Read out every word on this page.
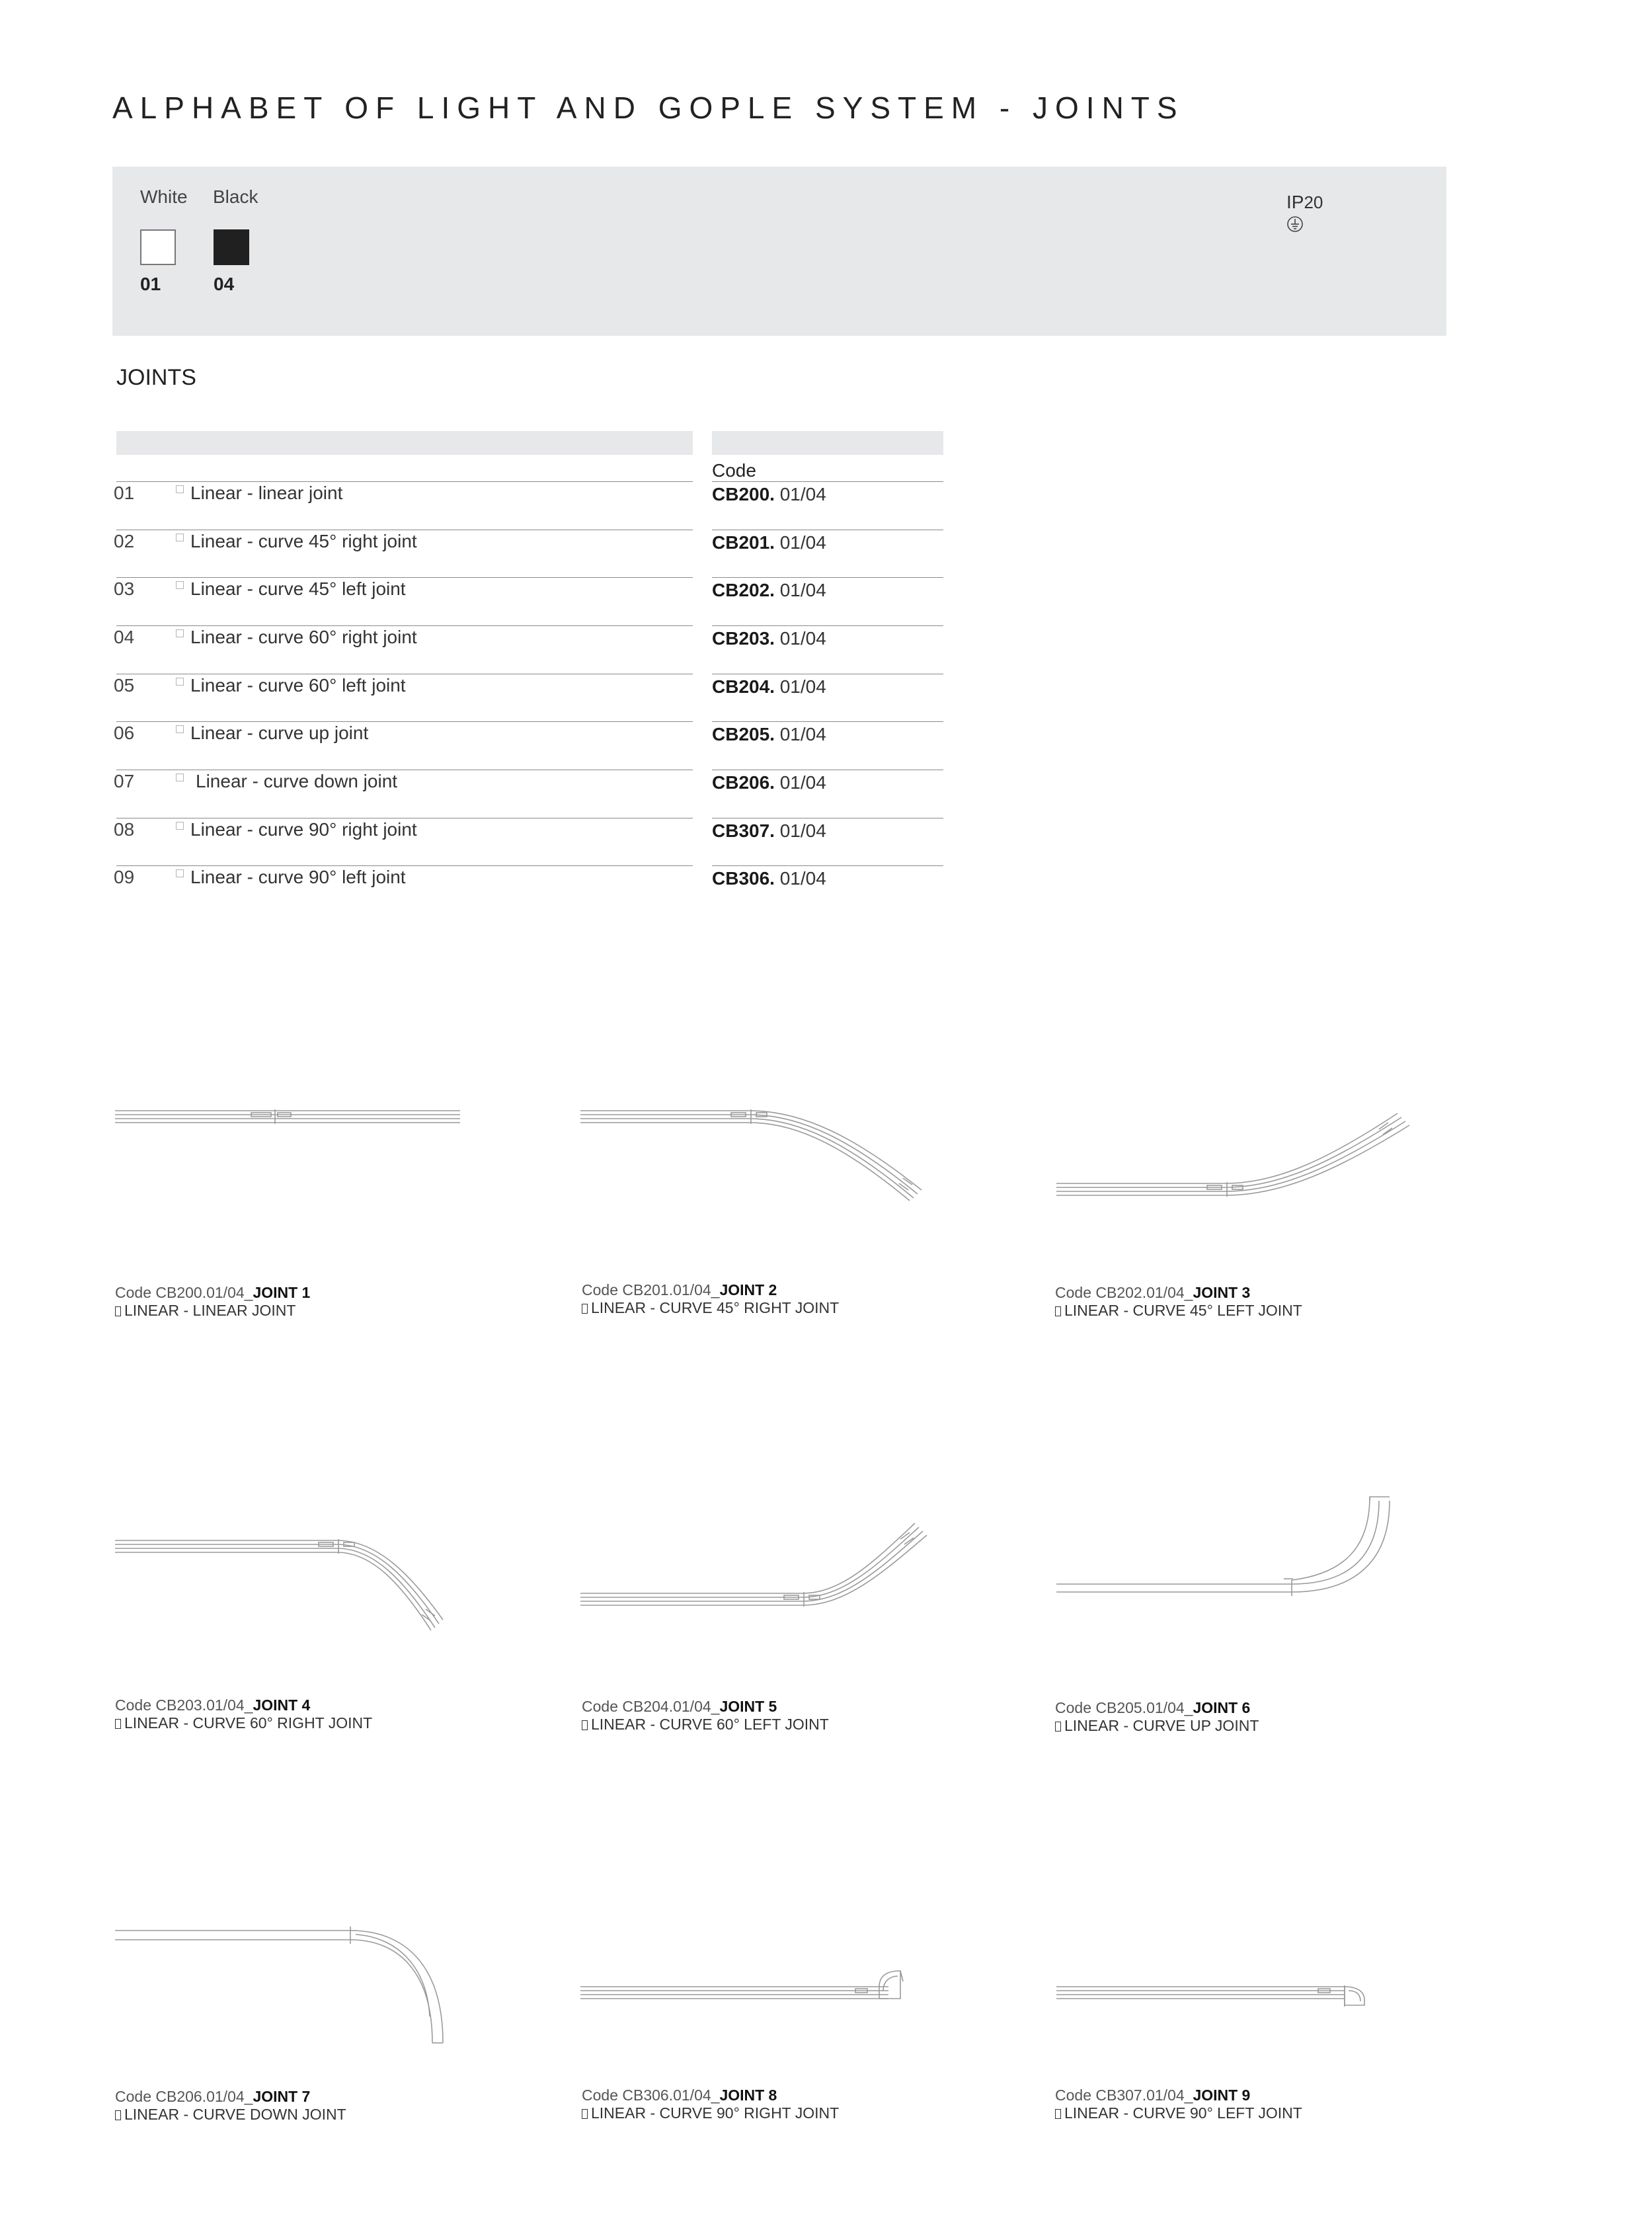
ALPHABET OF LIGHT AND GOPLE SYSTEM - JOINTS
White Black
01	04
IP20
JOINTS
Code
01	Linear - linear joint	CB200. 01/04
02	Linear - curve 45° right joint	CB201. 01/04
03	Linear - curve 45° left joint	CB202. 01/04
04	Linear - curve 60° right joint	CB203. 01/04
05	Linear - curve 60° left joint	CB204. 01/04
06	Linear - curve up joint	CB205. 01/04
07	Linear - curve down joint	CB206. 01/04
08	Linear - curve 90° right joint	CB307. 01/04
09	Linear - curve 90° left joint	CB306. 01/04
Code CB200.01/04_JOINT 1
LINEAR - LINEAR JOINT
Code CB201.01/04_JOINT 2
LINEAR - CURVE 45° RIGHT JOINT
Code CB202.01/04_JOINT 3
LINEAR - CURVE 45° LEFT JOINT
Code CB203.01/04_JOINT 4
LINEAR - CURVE 60° RIGHT JOINT
Code CB204.01/04_JOINT 5
LINEAR - CURVE 60° LEFT JOINT
Code CB205.01/04_JOINT 6
LINEAR - CURVE UP JOINT
Code CB206.01/04_JOINT 7
LINEAR - CURVE DOWN JOINT
Code CB306.01/04_JOINT 8
LINEAR - CURVE 90° RIGHT JOINT
Code CB307.01/04_JOINT 9
LINEAR - CURVE 90° LEFT JOINT
